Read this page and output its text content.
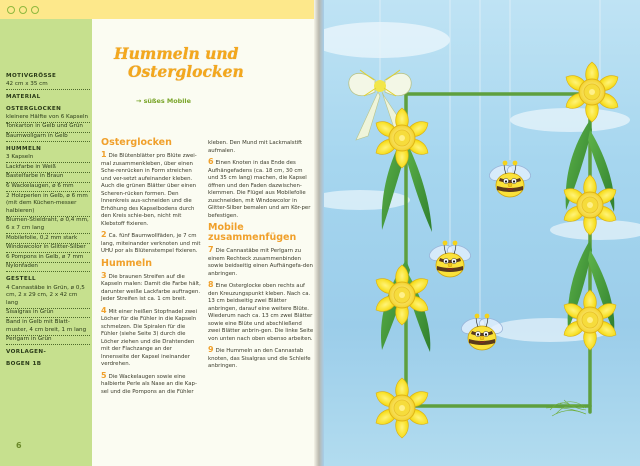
MOTIVGRÖSSE
42 cm x 35 cm
MATERIAL
OSTERGLOCKEN
kleinere Hälfte von 6 Kapseln
Tonkarton in Gelb und Grün
Baumwollgarn in Gelb
HUMMELN
3 Kapseln
Lackfarbe in Weiß
Bastelfarbe in Braun
6 Wackelaugen, ø 6 mm
2 Holzperlen in Gelb, ø 6 mm (mit dem Küchen-messer halbieren)
Blumen-Stieldraht, ø 0,4 mm, 6 x 7 cm lang
Mobilefolie, 0,2 mm stark
Windowcolor in Glitter-Silber
6 Pompons in Gelb, ø 7 mm
Nylonfaden
GESTELL
4 Cannastäbe in Grün, ø 0,5 cm, 2 x 29 cm, 2 x 42 cm lang
Sisalgras in Grün
Band in Gelb mit Blatt-muster, 4 cm breit, 1 m lang
Perlgarn in Grün
VORLAGEN-
BOGEN 1B
6
Hummeln und
Osterglocken
→ süßes Mobile
Osterglocken
1 Die Blütenblätter pro Blüte zwei-mal zusammenkleben, über einen Sche-renrücken in Form streichen und ver-setzt aufeinander kleben. Auch die grünen Blätter über einen Scheren-rücken formen. Den Innenkreis aus-schneiden und die Erhöhung des Kapselbodens durch den Kreis schie-ben, nicht mit Klebstoff fixieren.
2 Ca. fünf Baumwollfäden, je 7 cm lang, miteinander verknoten und mit UHU por als Blütenstempel fixieren.
Hummeln
3 Die braunen Streifen auf die Kapseln malen: Damit die Farbe hält, darunter weiße Lackfarbe auftragen. Jeder Streifen ist ca. 1 cm breit.
4 Mit einer heißen Stopfnadel zwei Löcher für die Fühler in die Kapseln schmelzen. Die Spiralen für die Fühler (siehe Seite 3) durch die Löcher ziehen und die Drahtenden mit der Flachzange an der Innenseite der Kapsel ineinander verdrehen.
5 Die Wackelaugen sowie eine halbierte Perle als Nase an die Kap-sel und die Pompons an die Fühler
kleben. Den Mund mit Lackmalstift aufmalen.
6 Einen Knoten in das Ende des Aufhängefadens (ca. 18 cm, 30 cm und 35 cm lang) machen, die Kapsel öffnen und den Faden dazwischen-klemmen. Die Flügel aus Mobilefolie zuschneiden, mit Windowcolor in Glitter-Silber bemalen und am Kör-per befestigen.
Mobile zusammenfügen
7 Die Cannastäbe mit Perlgarn zu einem Rechteck zusammenbinden sowie beidseitig einen Aufhängefa-den anbringen.
8 Eine Osterglocke oben rechts auf den Kreuzungspunkt kleben. Nach ca. 13 cm beidseitig zwei Blätter anbringen, darauf eine weitere Blüte. Wiederum nach ca. 13 cm zwei Blätter sowie eine Blüte und abschließend zwei Blätter anbrin-gen. Die linke Seite von unten nach oben ebenso arbeiten.
9 Die Hummeln an den Cannastab knoten, das Sisalgras und die Schleife anbringen.
